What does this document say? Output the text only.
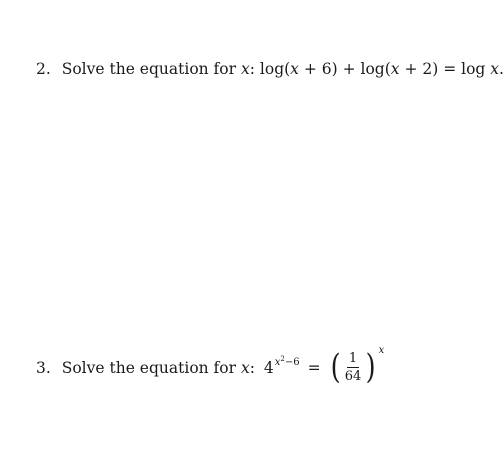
2. Solve the equation for x: log(x + 6) + log(x + 2) = log x.
3. Solve the equation for x: $4^{x^2-6}$ = ( $\frac{1}{64}$ ) x
